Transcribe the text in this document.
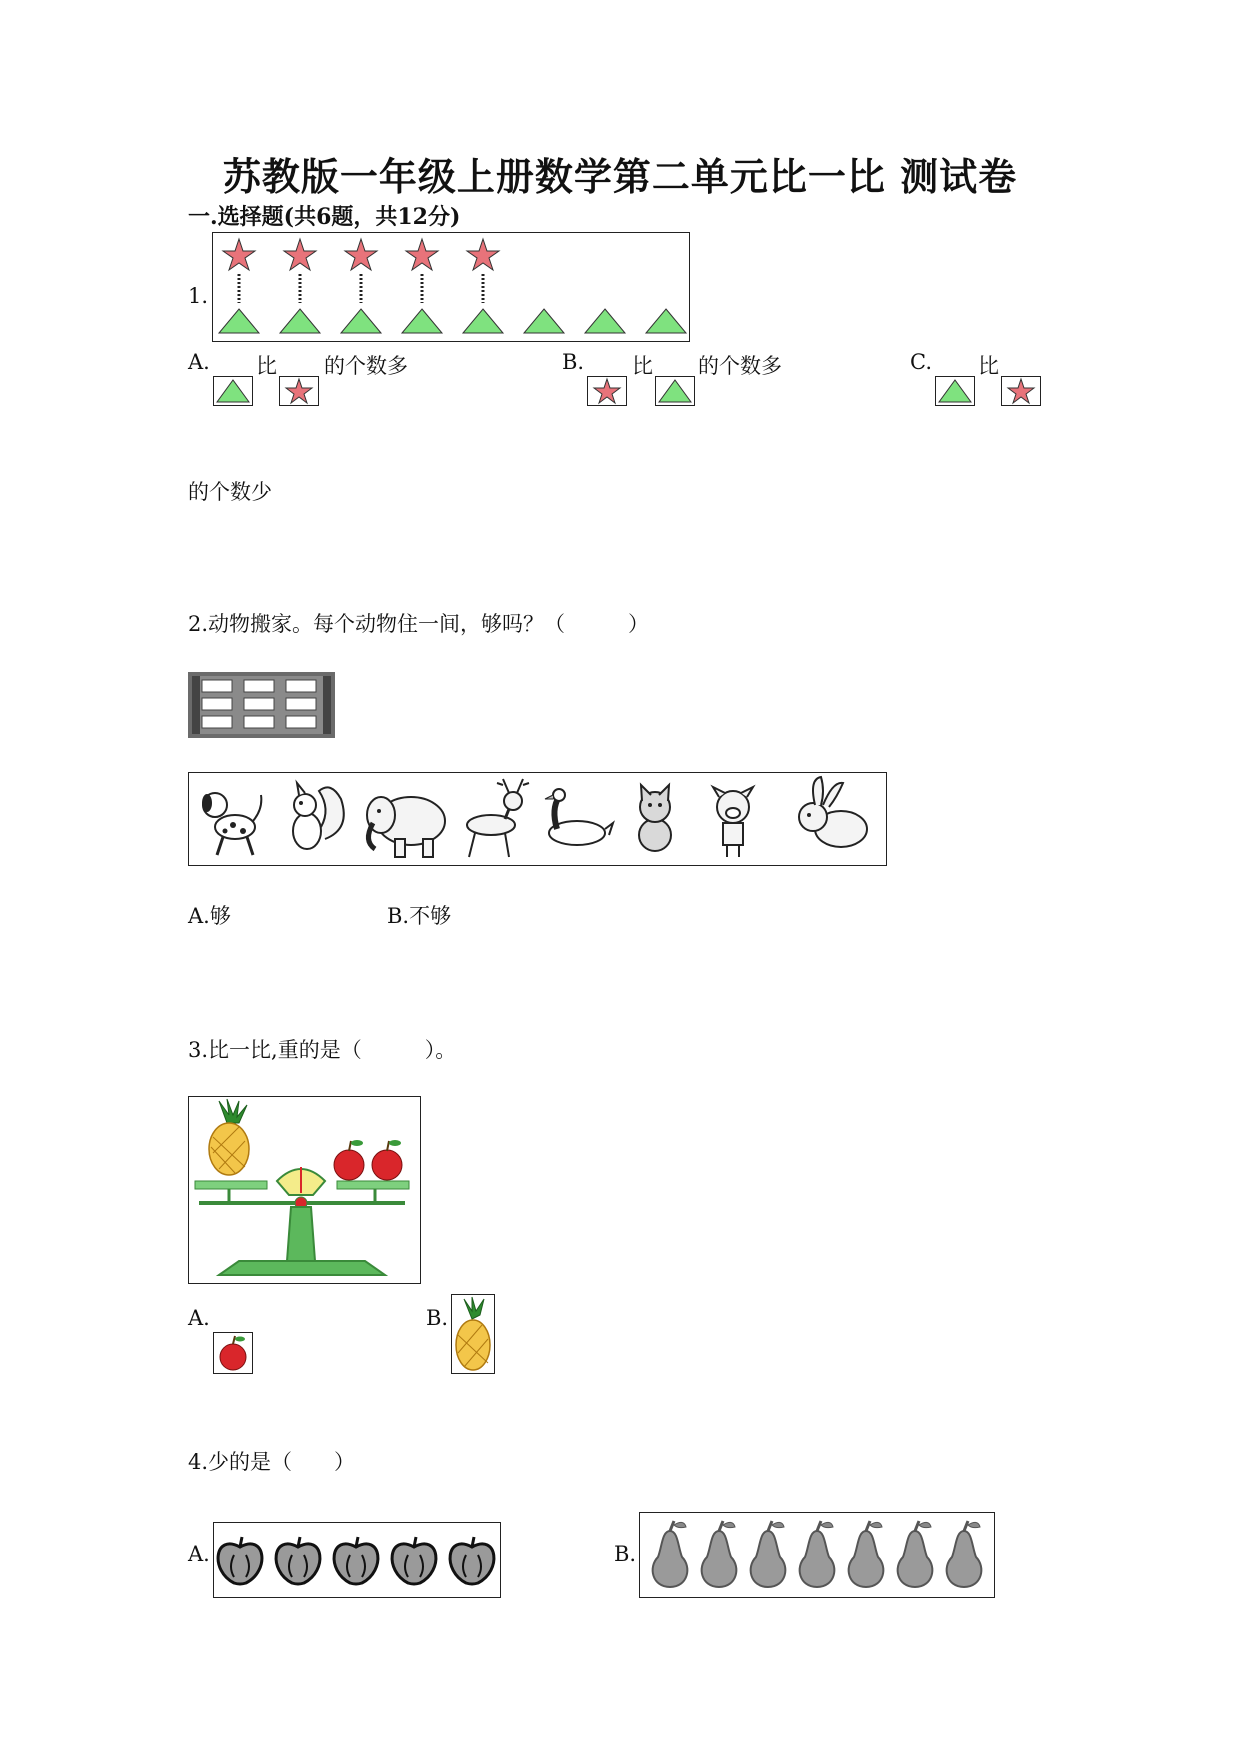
苏教版一年级上册数学第二单元比一比 测试卷
一.选择题(共6题，共12分)
1.
A. 比 的个数多	B. 比 的个数多	C. 比
的个数少
2.动物搬家。每个动物住一间，够吗？（　　　）
A.够	B.不够
3.比一比,重的是（　　　）。
A.	B.
4.少的是（　　）
A.	B.
